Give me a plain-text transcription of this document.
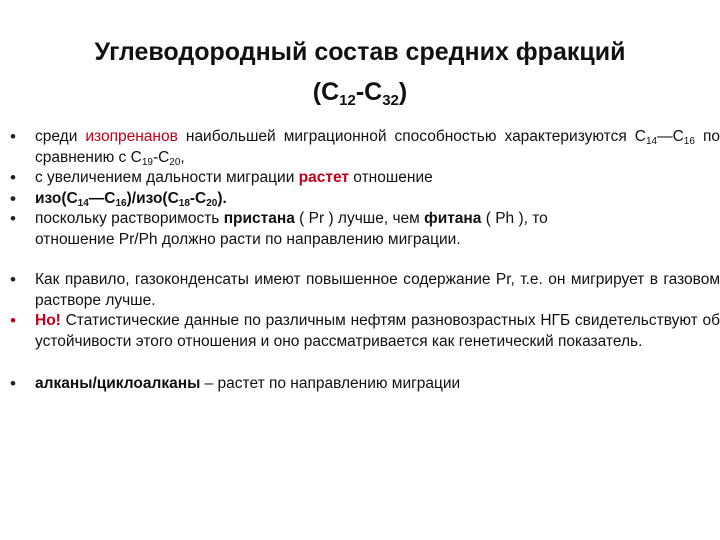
Углеводородный состав средних фракций
$(C_{12}-C_{32})$
• среди изопренанов наибольшей миграционной способностью характеризуются $C_{14}—C_{16}$ по сравнению с $C_{19}-C_{20}$,
• с увеличением дальности миграции растет отношение
• $изо(C_{14}—C_{16})/изо(C_{18}-C_{20})$.
• поскольку растворимость пристана ( Pr ) лучше, чем фитана ( Ph ), то
отношение Pr/Ph должно расти по направлению миграции.
• Как правило, газоконденсаты имеют повышенное содержание Pr, т.е. он мигрирует в газовом растворе лучше.
• Но! Статистические данные по различным нефтям разновозрастных НГБ свидетельствуют об устойчивости этого отношения и оно рассматривается как генетический показатель.
• алканы/циклоалканы – растет по направлению миграции
